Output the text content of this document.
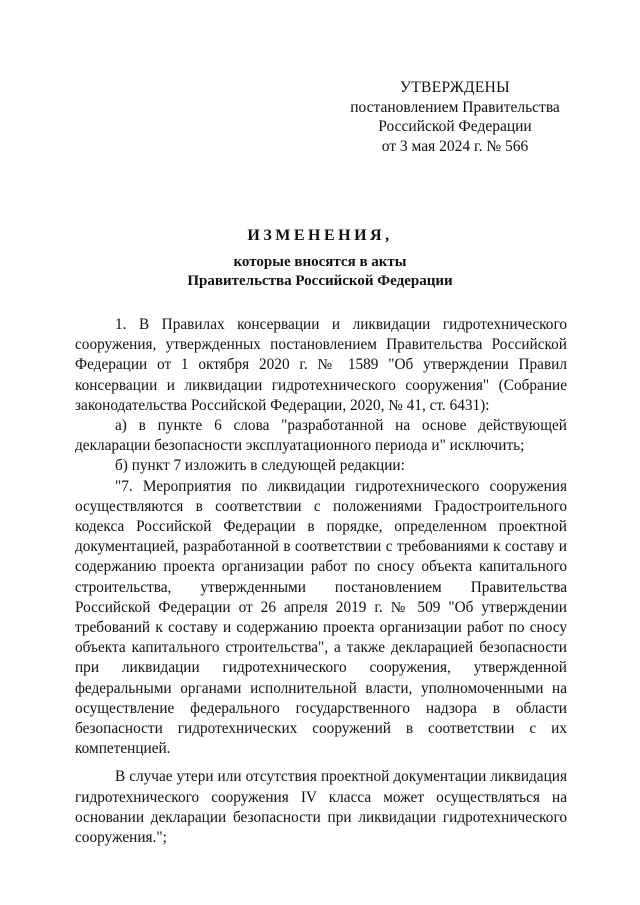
УТВЕРЖДЕНЫ
постановлением Правительства
Российской Федерации
от 3 мая 2024 г. № 566
ИЗМЕНЕНИЯ,
которые вносятся в акты
Правительства Российской Федерации

1. В Правилах консервации и ликвидации гидротехнического сооружения, утвержденных постановлением Правительства Российской Федерации от 1 октября 2020 г. № 1589 "Об утверждении Правил консервации и ликвидации гидротехнического сооружения" (Собрание законодательства Российской Федерации, 2020, № 41, ст. 6431):

а) в пункте 6 слова "разработанной на основе действующей декларации безопасности эксплуатационного периода и" исключить;

б) пункт 7 изложить в следующей редакции:

"7. Мероприятия по ликвидации гидротехнического сооружения осуществляются в соответствии с положениями Градостроительного кодекса Российской Федерации в порядке, определенном проектной документацией, разработанной в соответствии с требованиями к составу и содержанию проекта организации работ по сносу объекта капитального строительства, утвержденными постановлением Правительства Российской Федерации от 26 апреля 2019 г. № 509 "Об утверждении требований к составу и содержанию проекта организации работ по сносу объекта капитального строительства", а также декларацией безопасности при ликвидации гидротехнического сооружения, утвержденной федеральными органами исполнительной власти, уполномоченными на осуществление федерального государственного надзора в области безопасности гидротехнических сооружений в соответствии с их компетенцией.

В случае утери или отсутствия проектной документации ликвидация гидротехнического сооружения IV класса может осуществляться на основании декларации безопасности при ликвидации гидротехнического сооружения.";
